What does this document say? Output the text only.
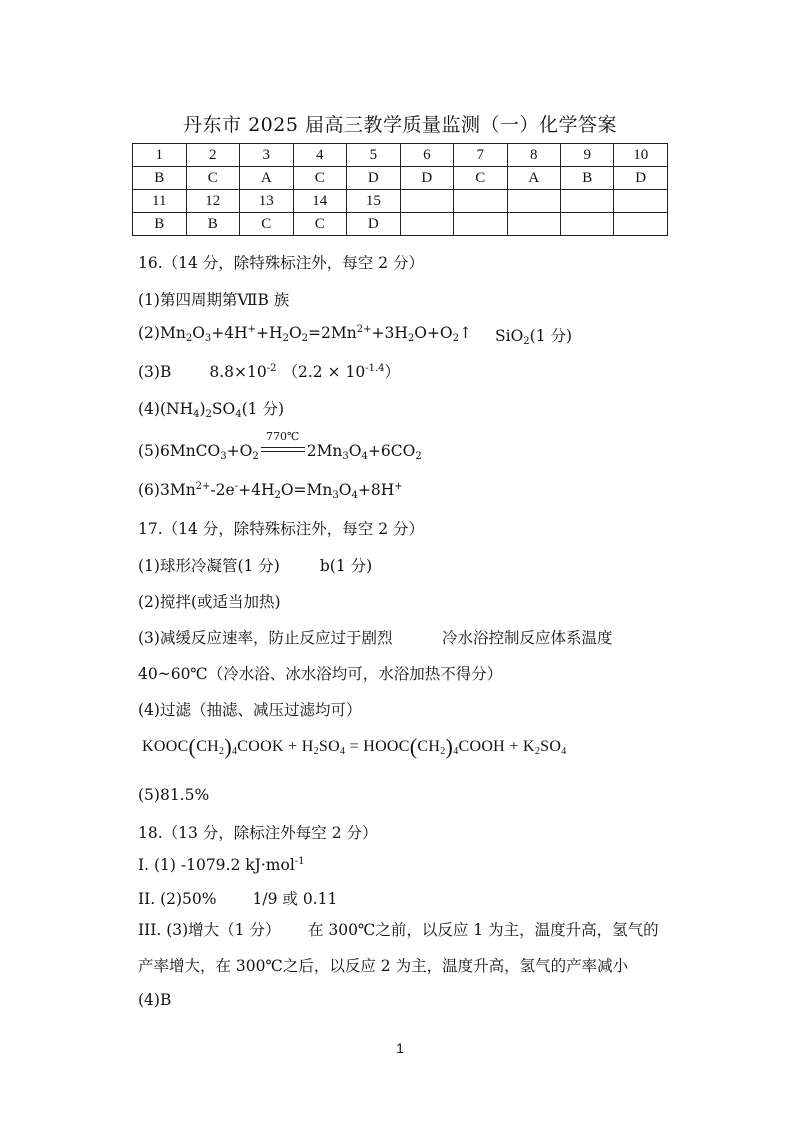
丹东市 2025 届高三教学质量监测（一）化学答案
1	2	3	4	5	6	7	8	9	10
B	C	A	C	D	D	C	A	B	D
11	12	13	14	15					
B	B	C	C	D					
16.（14 分，除特殊标注外，每空 2 分）
(1)第四周期第ⅦB 族
$(2)Mn_2O_3+4H^++H_2O_2=2Mn^{2+}+3H_2O+O_2↑$ SiO$_2$(1 分)
(3)B $8.8\times 10^{-2}$ $(2.2 \times 10^{-1.4})$
$(4)(NH_4)_2SO_4(1$ 分)
$(5)6MnCO_3+O_2$
770℃
$2Mn_3O_4+6CO_2$
$(6)3Mn^{2+}-2e^-+4H_2O=Mn_3O_4+8H^+$
17.（14 分，除特殊标注外，每空 2 分）
(1)球形冷凝管(1 分)	b(1 分)
(2)搅拌(或适当加热)
(3)减缓反应速率，防止反应过于剧烈	冷水浴控制反应体系温度
40~60℃（冷水浴、冰水浴均可，水浴加热不得分）
(4)过滤（抽滤、减压过滤均可）
$KOOC(CH_2)_4COOK + H_2SO_4$ = $HOOC(CH_2)_4COOH + K_2SO_4$
(5)81.5%
18.（13 分，除标注外每空 2 分）
I. (1) -1079.2 kJ·mol$^{-1}$
II. (2)50% 1/9 或 0.11
III. (3)增大（1 分） 在 300℃之前，以反应 1 为主，温度升高，氢气的
产率增大，在 300℃之后，以反应 2 为主，温度升高，氢气的产率减小
(4)B
1
